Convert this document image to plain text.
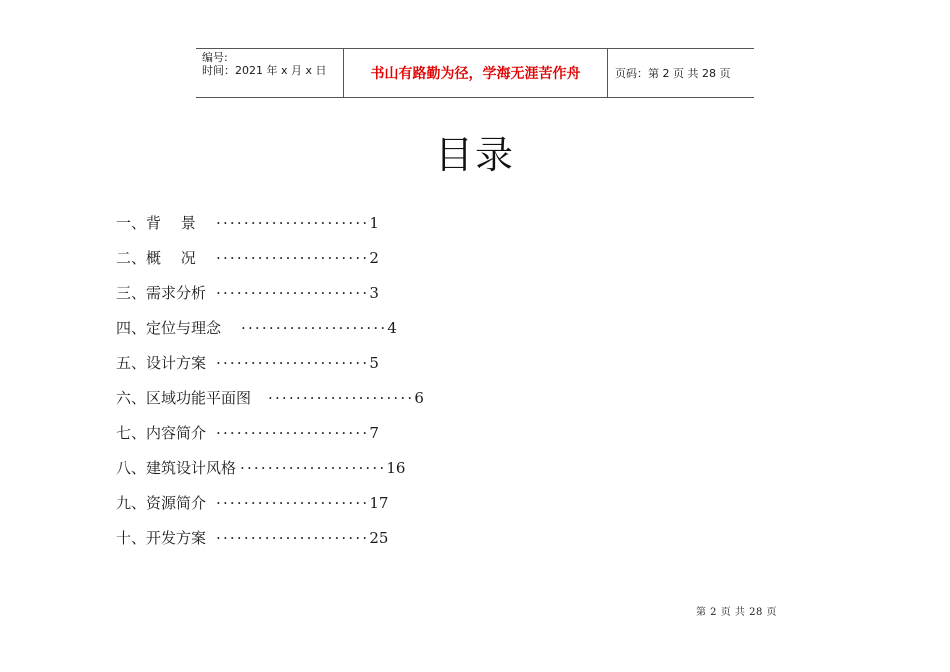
编号:
时间：2021 年 x 月 x 日	书山有路勤为径，学海无涯苦作舟	页码：第 2 页 共 28 页
目录
一、背　 景	······················ 1
二、概　 况	······················ 2
三、需求分析 ······················ 3
四、定位与理念	····················· 4
五、设计方案 ······················ 5
六、区域功能平面图	····················· 6
七、内容简介 ······················ 7
八、建筑设计风格 ····················· 16
九、资源简介 ······················ 17
十、开发方案 ······················ 25
第 2 页 共 28 页
